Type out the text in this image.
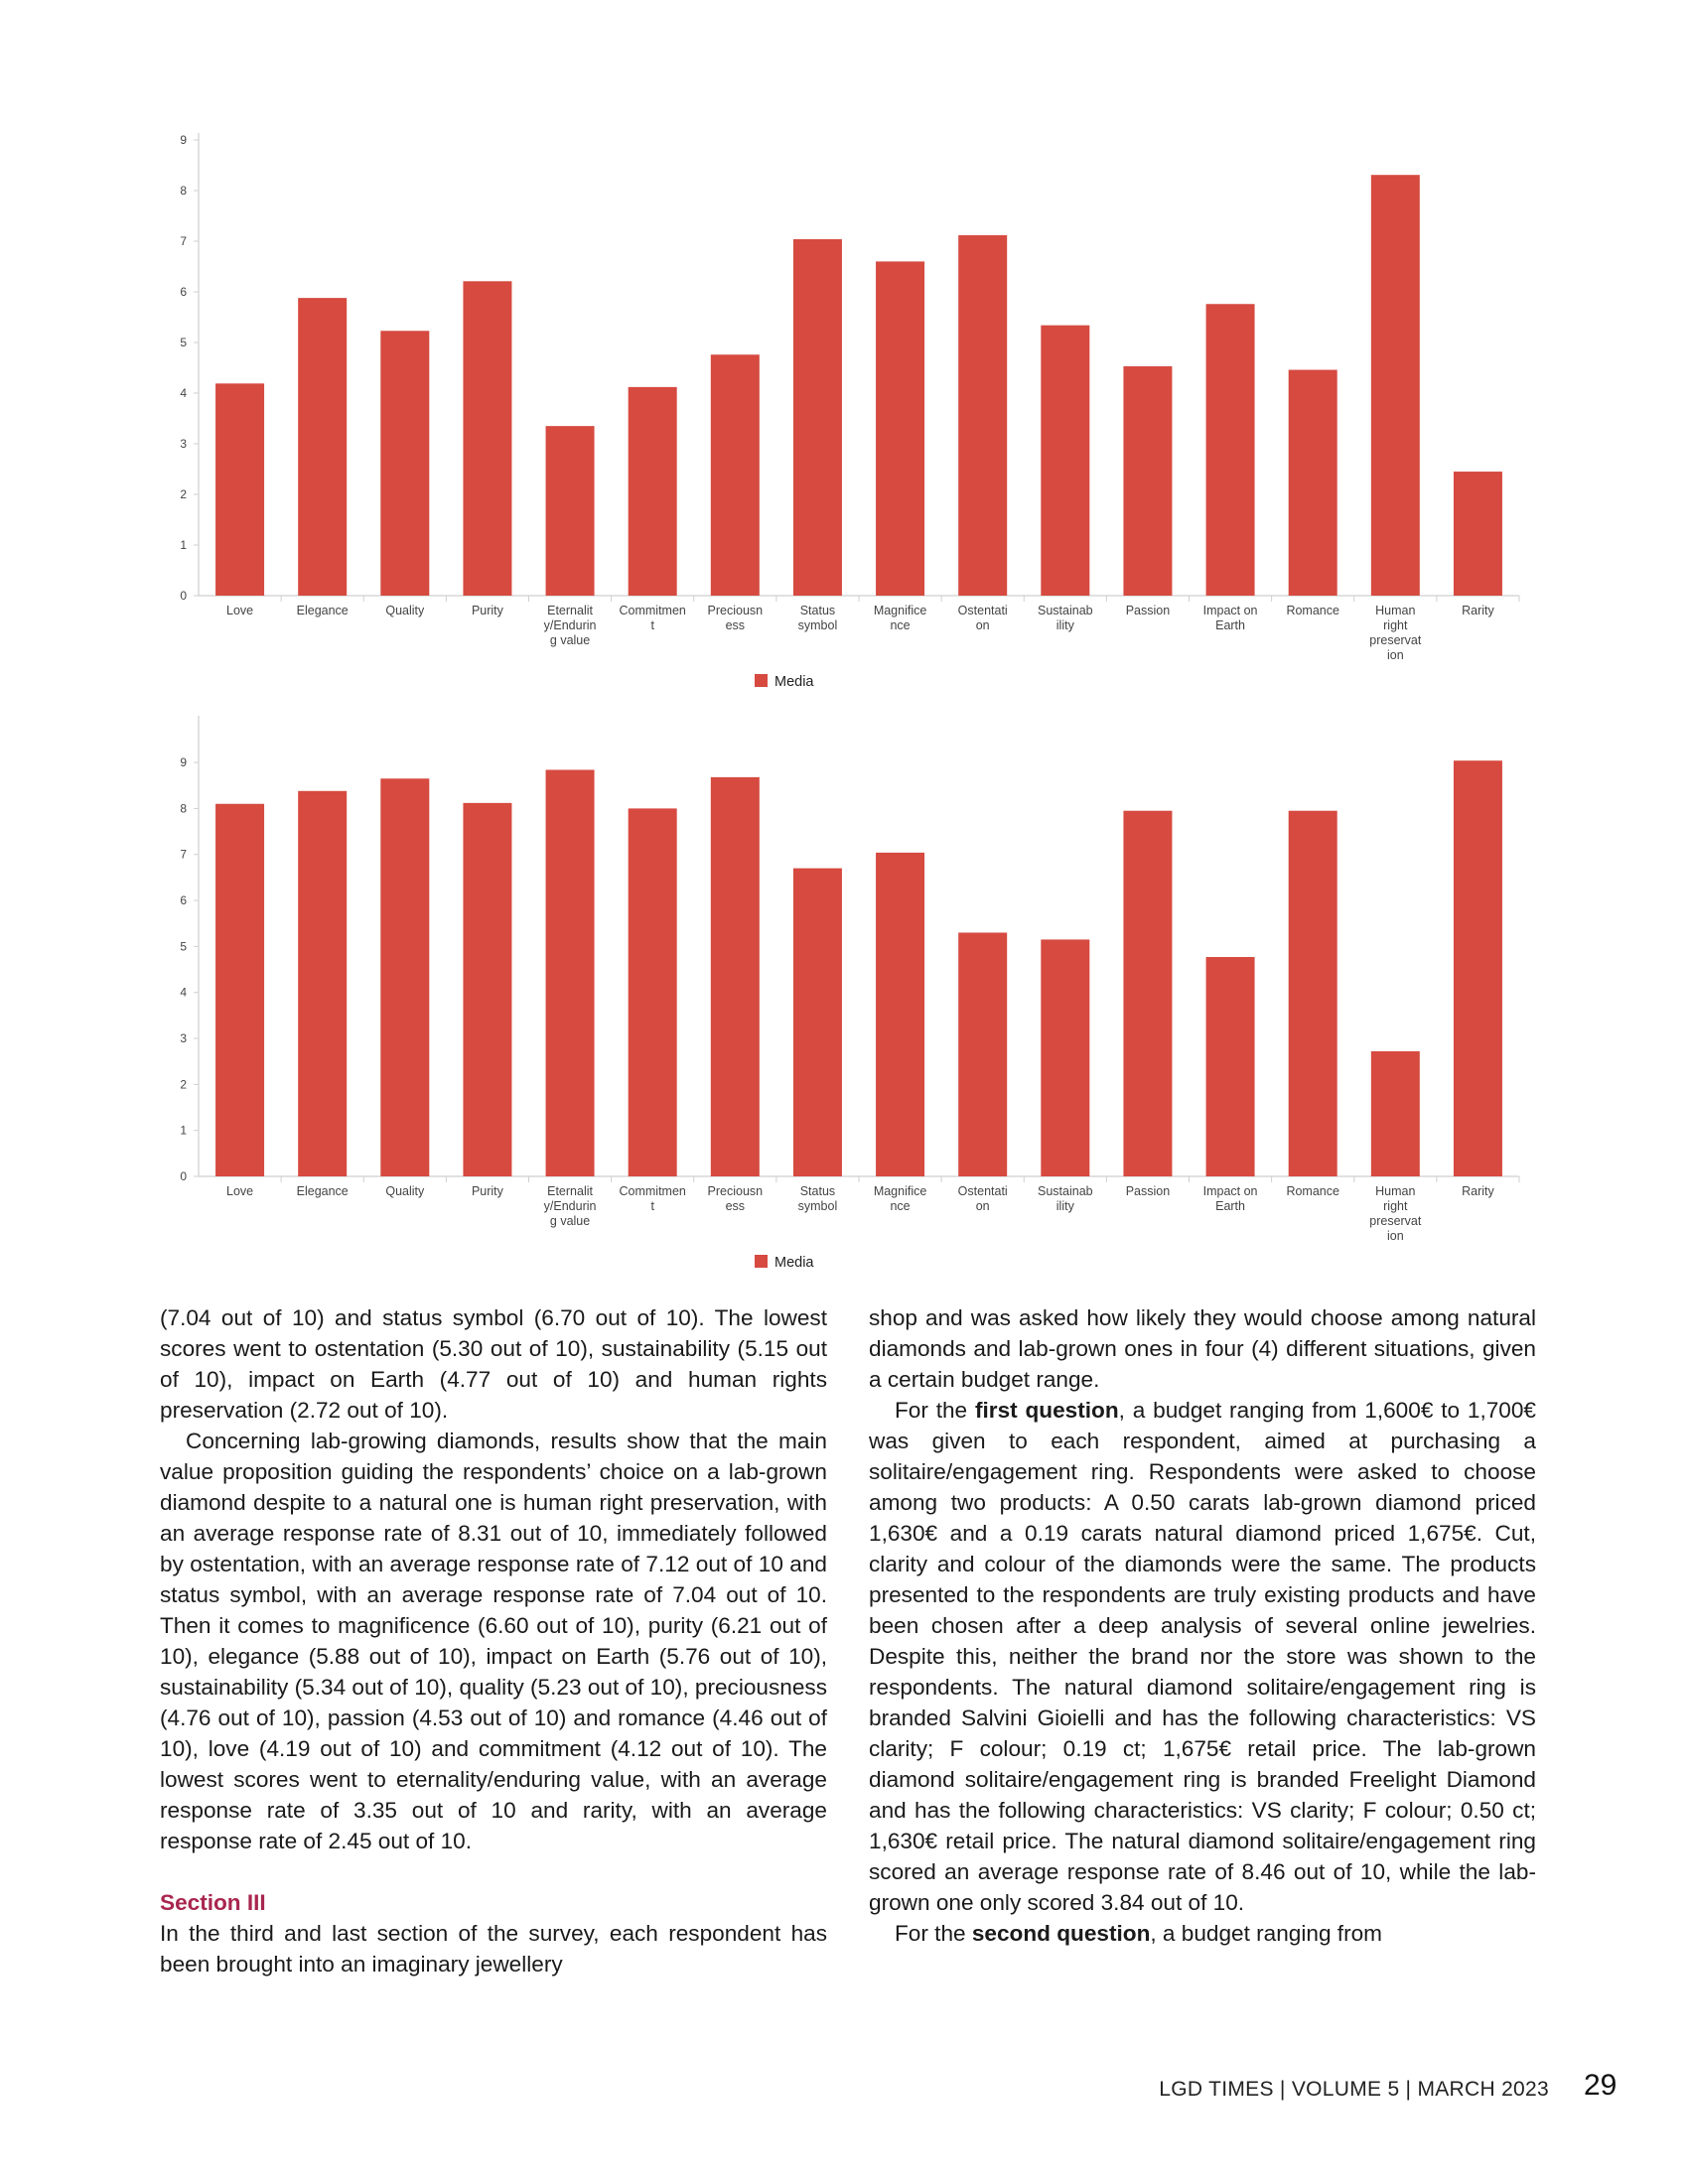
0
1
2
3
4
5
6
7
8
9
Love	Elegance	Quality	Purity	Eternalit y/Endurin g value
Commitmen t
Preciousn ess
Status symbol
Magnifice nce
Ostentati on
Sustainab ility
Passion	Impact on Earth
Romance	Human right preservat ion
Rarity
Media
0
1
2
3
4
5
6
7
8
9
Love	Elegance	Quality	Purity	Eternalit y/Endurin g value
Commitmen t
Preciousn ess
Status symbol
Magnifice nce
Ostentati on
Sustainab ility
Passion	Impact on Earth
Romance	Human right preservat ion
Rarity
Media

(7.04 out of 10) and status symbol (6.70 out of 10). The lowest scores went to ostentation (5.30 out of 10), sustainability (5.15 out of 10), impact on Earth (4.77 out of 10) and human rights preservation (2.72 out of 10).

Concerning lab-growing diamonds, results show that the main value proposition guiding the respondents’ choice on a lab-grown diamond despite to a natural one is human right preservation, with an average response rate of 8.31 out of 10, immediately followed by ostentation, with an average response rate of 7.12 out of 10 and status symbol, with an average response rate of 7.04 out of 10. Then it comes to magnificence (6.60 out of 10), purity (6.21 out of 10), elegance (5.88 out of 10), impact on Earth (5.76 out of 10), sustainability (5.34 out of 10), quality (5.23 out of 10), preciousness (4.76 out of 10), passion (4.53 out of 10) and romance (4.46 out of 10), love (4.19 out of 10) and commitment (4.12 out of 10). The lowest scores went to eternality/enduring value, with an average response rate of 3.35 out of 10 and rarity, with an average response rate of 2.45 out of 10.

Section III

In the third and last section of the survey, each respondent has been brought into an imaginary jewellery

shop and was asked how likely they would choose among natural diamonds and lab-grown ones in four (4) different situations, given a certain budget range.

For the first question, a budget ranging from 1,600€ to 1,700€ was given to each respondent, aimed at purchasing a solitaire/engagement ring. Respondents were asked to choose among two products: A 0.50 carats lab-grown diamond priced 1,630€ and a 0.19 carats natural diamond priced 1,675€. Cut, clarity and colour of the diamonds were the same. The products presented to the respondents are truly existing products and have been chosen after a deep analysis of several online jewelries. Despite this, neither the brand nor the store was shown to the respondents. The natural diamond solitaire/engagement ring is branded Salvini Gioielli and has the following characteristics: VS clarity; F colour; 0.19 ct; 1,675€ retail price. The lab-grown diamond solitaire/engagement ring is branded Freelight Diamond and has the following characteristics: VS clarity; F colour; 0.50 ct; 1,630€ retail price. The natural diamond solitaire/engagement ring scored an average response rate of 8.46 out of 10, while the lab- grown one only scored 3.84 out of 10.

For the second question, a budget ranging from

LGD TIMES | VOLUME 5 | MARCH 2023 29
